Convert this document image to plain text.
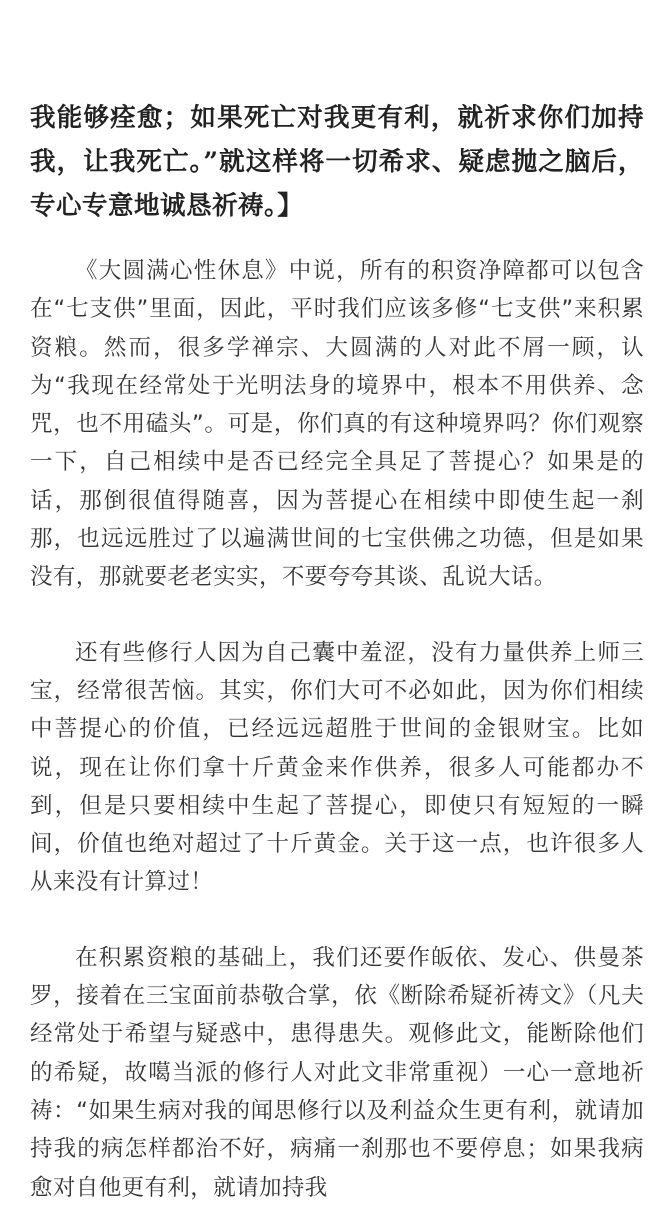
我能够痊愈；如果死亡对我更有利，就祈求你们加持我，让我死亡。”就这样将一切希求、疑虑抛之脑后，专心专意地诚恳祈祷。】

《大圆满心性休息》中说，所有的积资净障都可以包含在“七支供”里面，因此，平时我们应该多修“七支供”来积累资粮。然而，很多学禅宗、大圆满的人对此不屑一顾，认为“我现在经常处于光明法身的境界中，根本不用供养、念咒，也不用磕头”。可是，你们真的有这种境界吗？你们观察一下，自己相续中是否已经完全具足了菩提心？如果是的话，那倒很值得随喜，因为菩提心在相续中即使生起一刹那，也远远胜过了以遍满世间的七宝供佛之功德，但是如果没有，那就要老老实实，不要夸夸其谈、乱说大话。

还有些修行人因为自己囊中羞涩，没有力量供养上师三宝，经常很苦恼。其实，你们大可不必如此，因为你们相续中菩提心的价值，已经远远超胜于世间的金银财宝。比如说，现在让你们拿十斤黄金来作供养，很多人可能都办不到，但是只要相续中生起了菩提心，即使只有短短的一瞬间，价值也绝对超过了十斤黄金。关于这一点，也许很多人从来没有计算过！

在积累资粮的基础上，我们还要作皈依、发心、供曼茶罗，接着在三宝面前恭敬合掌，依《断除希疑祈祷文》（凡夫经常处于希望与疑惑中，患得患失。观修此文，能断除他们的希疑，故噶当派的修行人对此文非常重视）一心一意地祈祷：“如果生病对我的闻思修行以及利益众生更有利，就请加持我的病怎样都治不好，病痛一刹那也不要停息；如果我病愈对自他更有利，就请加持我
